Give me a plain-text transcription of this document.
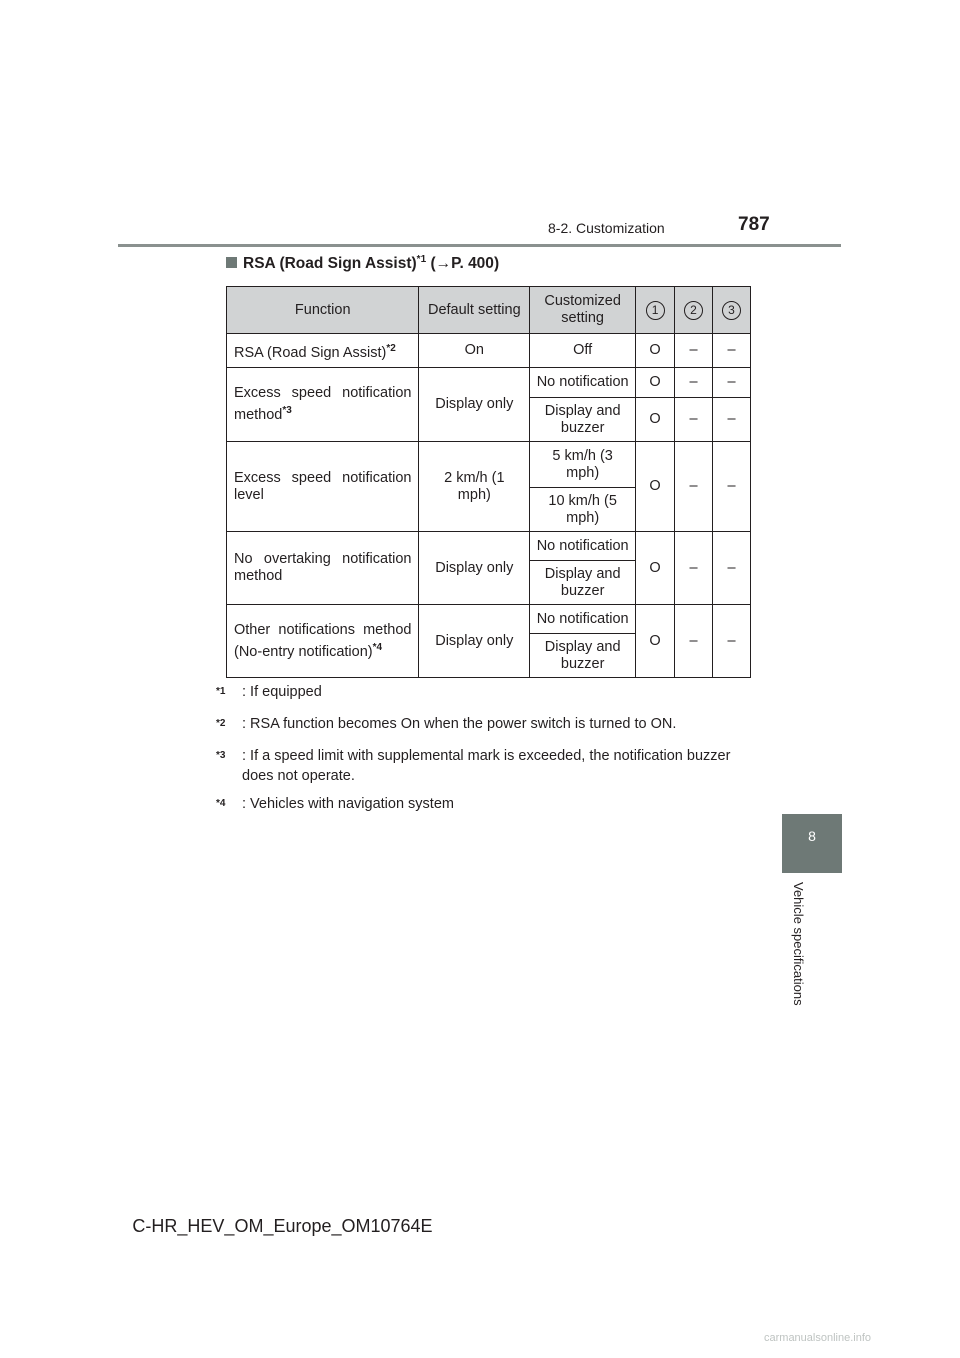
8-2. Customization	787
8
Vehicle specifications
RSA (Road Sign Assist)$^{*1}$ (→P. 400)
Function	Default setting	Customized setting	1	2	3
RSA (Road Sign Assist)$^{*2}$	On	Off	O	–	–
Excess speed notification method$^{*3}$	Display only	No notification	O	–	–
		Display and buzzer	O	–	–
Excess speed notification level	2 km/h (1 mph)	5 km/h (3 mph)	O	–	–
		10 km/h (5 mph)			
No overtaking notification method	Display only	No notification	O	–	–
		Display and buzzer			
Other notifications method (No-entry notification)$^{*4}$	Display only	No notification	O	–	–
		Display and buzzer			
$^{*1}$	: If equipped
$^{*2}$	: RSA function becomes On when the power switch is turned to ON.
$^{*3}$	: If a speed limit with supplemental mark is exceeded, the notification buzzer does not operate.
$^{*4}$	: Vehicles with navigation system
C-HR_HEV_OM_Europe_OM10764E
carmanualsonline.info
